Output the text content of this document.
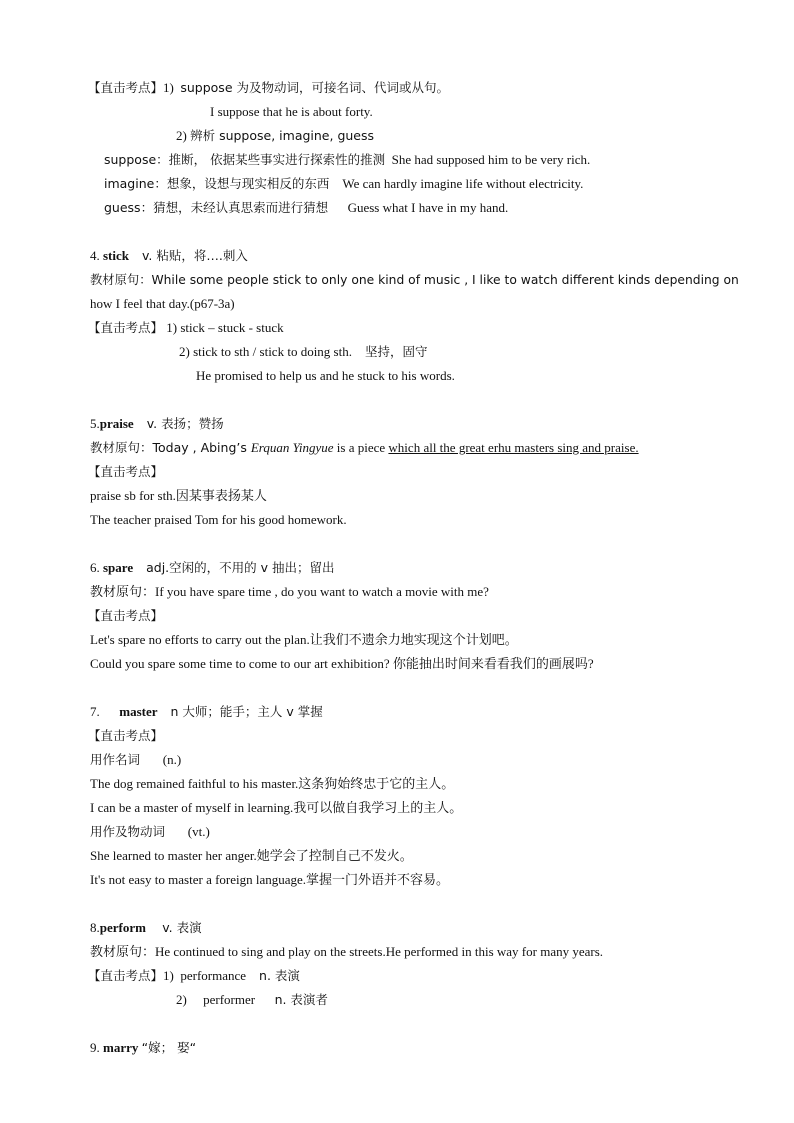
【直击考点】1) suppose 为及物动词，可接名词、代词或从句。
I suppose that he is about forty.
2) 辨析 suppose, imagine, guess
suppose：推断， 依据某些事实进行探索性的推测 She had supposed him to be very rich.
imagine：想象，设想与现实相反的东西 We can hardly imagine life without electricity.
guess：猜想，未经认真思索而进行猜想 Guess what I have in my hand.
4. stick v. 粘贴，将….刺入
教材原句：While some people stick to only one kind of music , I like to watch different kinds depending on
how I feel that day.(p67-3a)
【直击考点】 1) stick – stuck - stuck
2) stick to sth / stick to doing sth. 坚持，固守
He promised to help us and he stuck to his words.
5.praise v. 表扬；赞扬
教材原句：Today , Abing’s Erquan Yingyue is a piece which all the great erhu masters sing and praise.
【直击考点】
praise sb for sth.因某事表扬某人
The teacher praised Tom for his good homework.
6. spare adj.空闲的，不用的 v 抽出；留出
教材原句：If you have spare time , do you want to watch a movie with me?
【直击考点】
Let's spare no efforts to carry out the plan.让我们不遗余力地实现这个计划吧。
Could you spare some time to come to our art exhibition? 你能抽出时间来看看我们的画展吗?
7. master n 大师；能手；主人 v 掌握
【直击考点】
用作名词 (n.)
The dog remained faithful to his master.这条狗始终忠于它的主人。
I can be a master of myself in learning.我可以做自我学习上的主人。
用作及物动词 (vt.)
She learned to master her anger.她学会了控制自己不发火。
It's not easy to master a foreign language.掌握一门外语并不容易。
8.perform v. 表演
教材原句：He continued to sing and play on the streets.He performed in this way for many years.
【直击考点】1) performance n. 表演
2) performer n. 表演者
9. marry “嫁； 娶“
